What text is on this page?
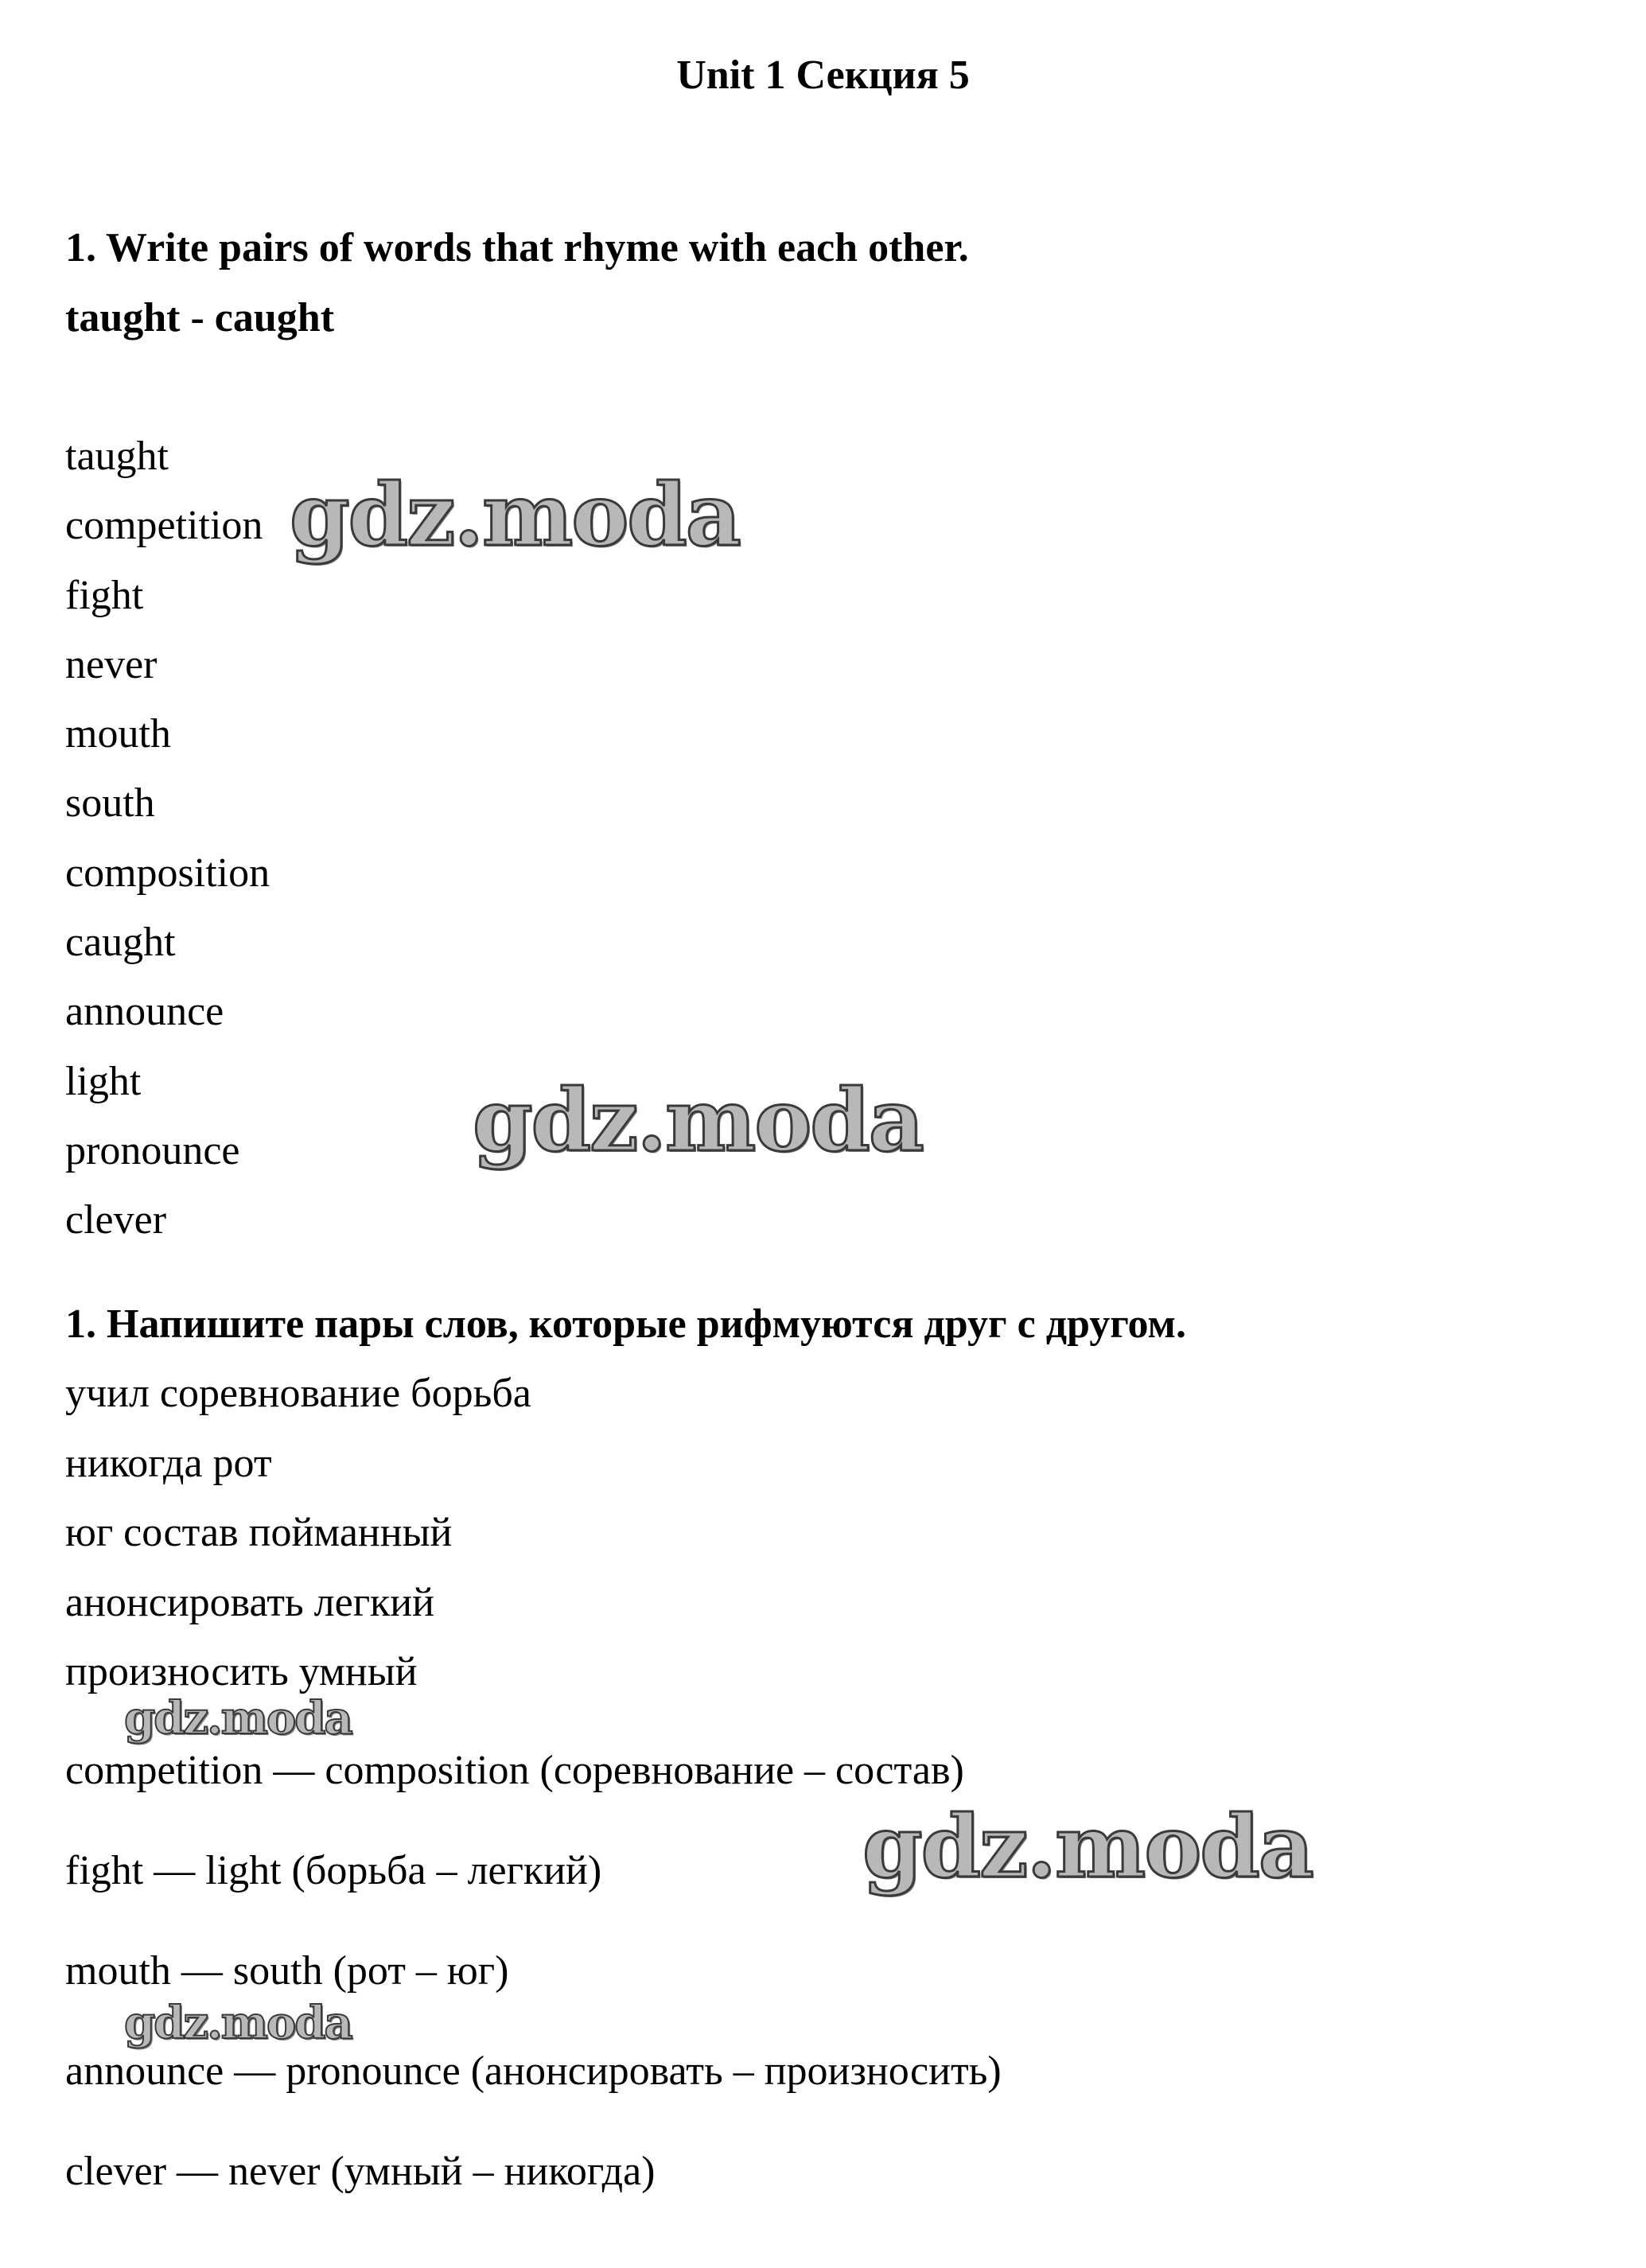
Unit 1 Секция 5
1. Write pairs of words that rhyme with each other.
taught - caught
taught
competition
fight
never
mouth
south
composition
caught
announce
light
pronounce
clever
1. Напишите пары слов, которые рифмуются друг с другом.
учил соревнование борьба
никогда рот
юг состав пойманный
анонсировать легкий
произносить умный
competition — composition (соревнование – состав)
fight — light (борьба – легкий)
mouth — south (рот – юг)
announce — pronounce (анонсировать – произносить)
clever — never (умный – никогда)
gdz.moda
gdz.moda
gdz.moda
gdz.moda
gdz.moda
